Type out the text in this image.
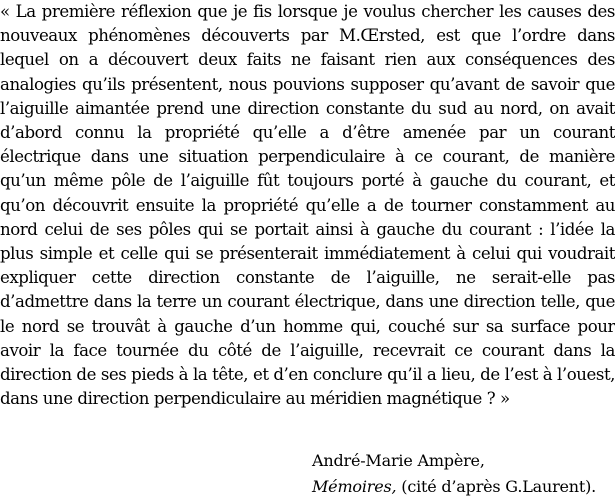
« La première réflexion que je fis lorsque je voulus chercher les causes des nouveaux phénomènes découverts par M.Œrsted, est que l’ordre dans lequel on a découvert deux faits ne faisant rien aux conséquences des analogies qu’ils présentent, nous pouvions supposer qu’avant de savoir que l’aiguille aimantée prend une direction constante du sud au nord, on avait d’abord connu la propriété qu’elle a d’être amenée par un courant électrique dans une situation perpendiculaire à ce courant, de manière qu’un même pôle de l’aiguille fût toujours porté à gauche du courant, et qu’on découvrit ensuite la propriété qu’elle a de tourner constamment au nord celui de ses pôles qui se portait ainsi à gauche du courant : l’idée la plus simple et celle qui se présenterait immédiatement à celui qui voudrait expliquer cette direction constante de l’aiguille, ne serait-elle pas d’admettre dans la terre un courant électrique, dans une direction telle, que le nord se trouvât à gauche d’un homme qui, couché sur sa surface pour avoir la face tournée du côté de l’aiguille, recevrait ce courant dans la direction de ses pieds à la tête, et d’en conclure qu’il a lieu, de l’est à l’ouest, dans une direction perpendiculaire au méridien magnétique ? »

André-Marie Ampère,
Mémoires, (cité d’après G.Laurent).
